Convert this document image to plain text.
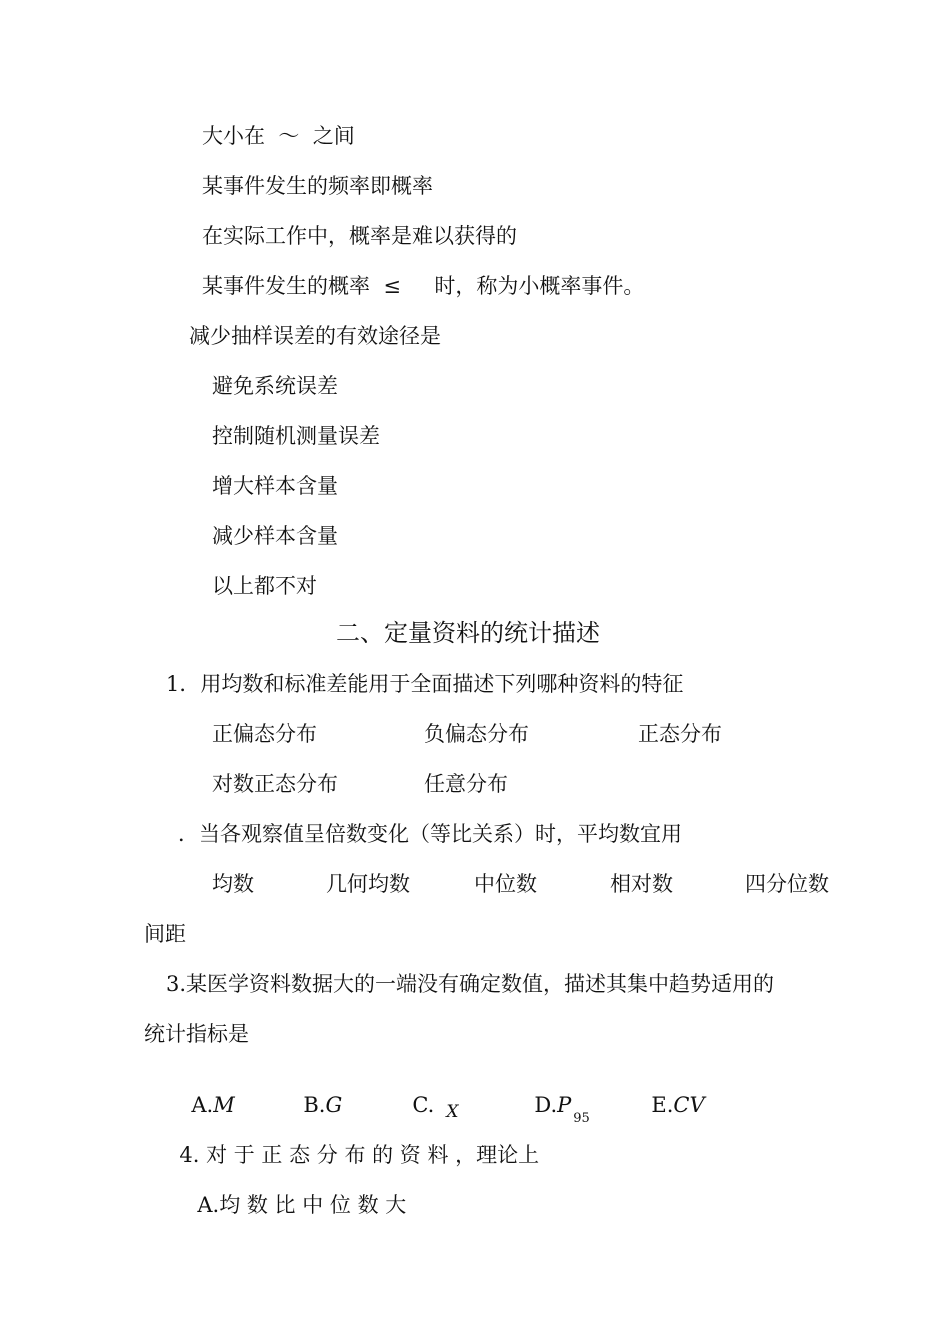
大小在  ～  之间
某事件发生的频率即概率
在实际工作中，概率是难以获得的
某事件发生的概率  ≤     时，称为小概率事件。
减少抽样误差的有效途径是
避免系统误差
控制随机测量误差
增大样本含量
减少样本含量
以上都不对
二、定量资料的统计描述
1．用均数和标准差能用于全面描述下列哪种资料的特征
正偏态分布	负偏态分布	正态分布
对数正态分布	任意分布
．当各观察值呈倍数变化（等比关系）时，平均数宜用
均数	几何均数	中位数	相对数	四分位数
间距
3.某医学资料数据大的一端没有确定数值，描述其集中趋势适用的
统计指标是

A.M	B.G	C. $_X$	$D.P_{95}$

E.CV

4. 对 于 正 态 分 布 的 资 料 ，理论上

A.均 数 比 中 位 数 大
